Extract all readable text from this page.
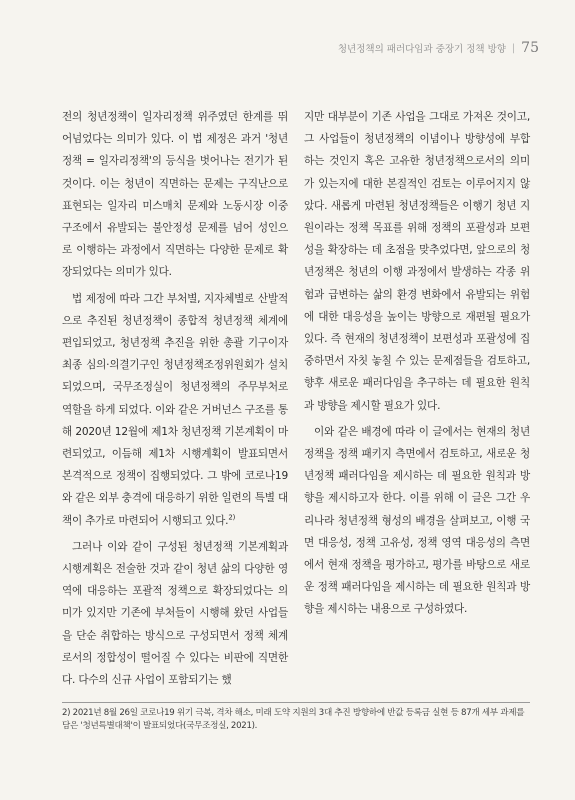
청년정책의 패러다임과 중장기 정책 방향 | 75

전의 청년정책이 일자리정책 위주였던 한계를 뛰어넘었다는 의미가 있다. 이 법 제정은 과거 '청년정책 = 일자리정책'의 등식을 벗어나는 전기가 된 것이다. 이는 청년이 직면하는 문제는 구직난으로 표현되는 일자리 미스매치 문제와 노동시장 이중구조에서 유발되는 불안정성 문제를 넘어 성인으로 이행하는 과정에서 직면하는 다양한 문제로 확장되었다는 의미가 있다.

법 제정에 따라 그간 부처별, 지자체별로 산발적으로 추진된 청년정책이 종합적 청년정책 체계에 편입되었고, 청년정책 추진을 위한 총괄 기구이자 최종 심의·의결기구인 청년정책조정위원회가 설치되었으며, 국무조정실이 청년정책의 주무부처로 역할을 하게 되었다. 이와 같은 거버넌스 구조를 통해 2020년 12월에 제1차 청년정책 기본계획이 마련되었고, 이듬해 제1차 시행계획이 발표되면서 본격적으로 정책이 집행되었다. 그 밖에 코로나19와 같은 외부 충격에 대응하기 위한 일련의 특별 대책이 추가로 마련되어 시행되고 있다.$^{2)}$

그러나 이와 같이 구성된 청년정책 기본계획과 시행계획은 전술한 것과 같이 청년 삶의 다양한 영역에 대응하는 포괄적 정책으로 확장되었다는 의미가 있지만 기존에 부처들이 시행해 왔던 사업들을 단순 취합하는 방식으로 구성되면서 정책 체계로서의 정합성이 떨어질 수 있다는 비판에 직면한다. 다수의 신규 사업이 포함되기는 했

지만 대부분이 기존 사업을 그대로 가져온 것이고, 그 사업들이 청년정책의 이념이나 방향성에 부합하는 것인지 혹은 고유한 청년정책으로서의 의미가 있는지에 대한 본질적인 검토는 이루어지지 않았다. 새롭게 마련된 청년정책들은 이행기 청년 지원이라는 정책 목표를 위해 정책의 포괄성과 보편성을 확장하는 데 초점을 맞추었다면, 앞으로의 청년정책은 청년의 이행 과정에서 발생하는 각종 위험과 급변하는 삶의 환경 변화에서 유발되는 위험에 대한 대응성을 높이는 방향으로 재편될 필요가 있다. 즉 현재의 청년정책이 보편성과 포괄성에 집중하면서 자칫 놓칠 수 있는 문제점들을 검토하고, 향후 새로운 패러다임을 추구하는 데 필요한 원칙과 방향을 제시할 필요가 있다.

이와 같은 배경에 따라 이 글에서는 현재의 청년정책을 정책 패키지 측면에서 검토하고, 새로운 청년정책 패러다임을 제시하는 데 필요한 원칙과 방향을 제시하고자 한다. 이를 위해 이 글은 그간 우리나라 청년정책 형성의 배경을 살펴보고, 이행 국면 대응성, 정책 고유성, 정책 영역 대응성의 측면에서 현재 정책을 평가하고, 평가를 바탕으로 새로운 정책 패러다임을 제시하는 데 필요한 원칙과 방향을 제시하는 내용으로 구성하였다.

2) 2021년 8월 26일 코로나19 위기 극복, 격차 해소, 미래 도약 지원의 3대 추진 방향하에 반값 등록금 실현 등 87개 세부 과제를 담은 '청년특별대책'이 발표되었다(국무조정실, 2021).
